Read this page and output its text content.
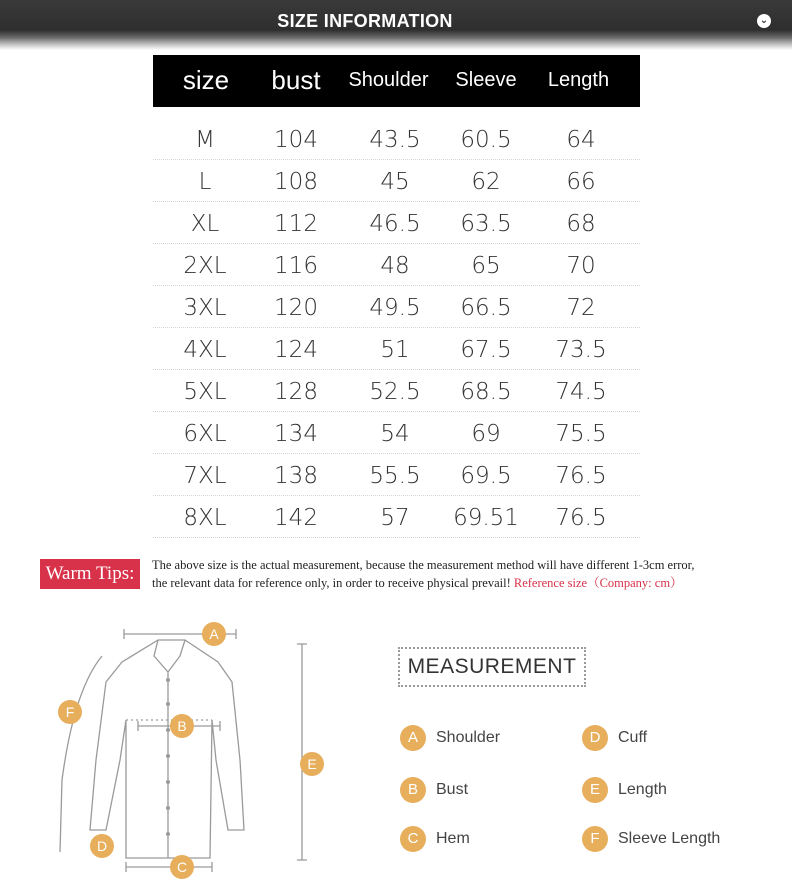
SIZE INFORMATION	⌄
size	bust	Shoulder	Sleeve	Length
M	104	43.5	60.5	64
L	108	45	62	66
XL	112	46.5	63.5	68
2XL	116	48	65	70
3XL	120	49.5	66.5	72
4XL	124	51	67.5	73.5
5XL	128	52.5	68.5	74.5
6XL	134	54	69	75.5
7XL	138	55.5	69.5	76.5
8XL	142	57	69.51	76.5
Warm Tips:	The above size is the actual measurement, because the measurement method will have different 1-3cm error,
the relevant data for reference only, in order to receive physical prevail! Reference size（Company: cm）
A
B
C
D
E
F
MEASUREMENT
A	Shoulder
B	Bust
C	Hem
D	Cuff
E	Length
F	Sleeve Length
